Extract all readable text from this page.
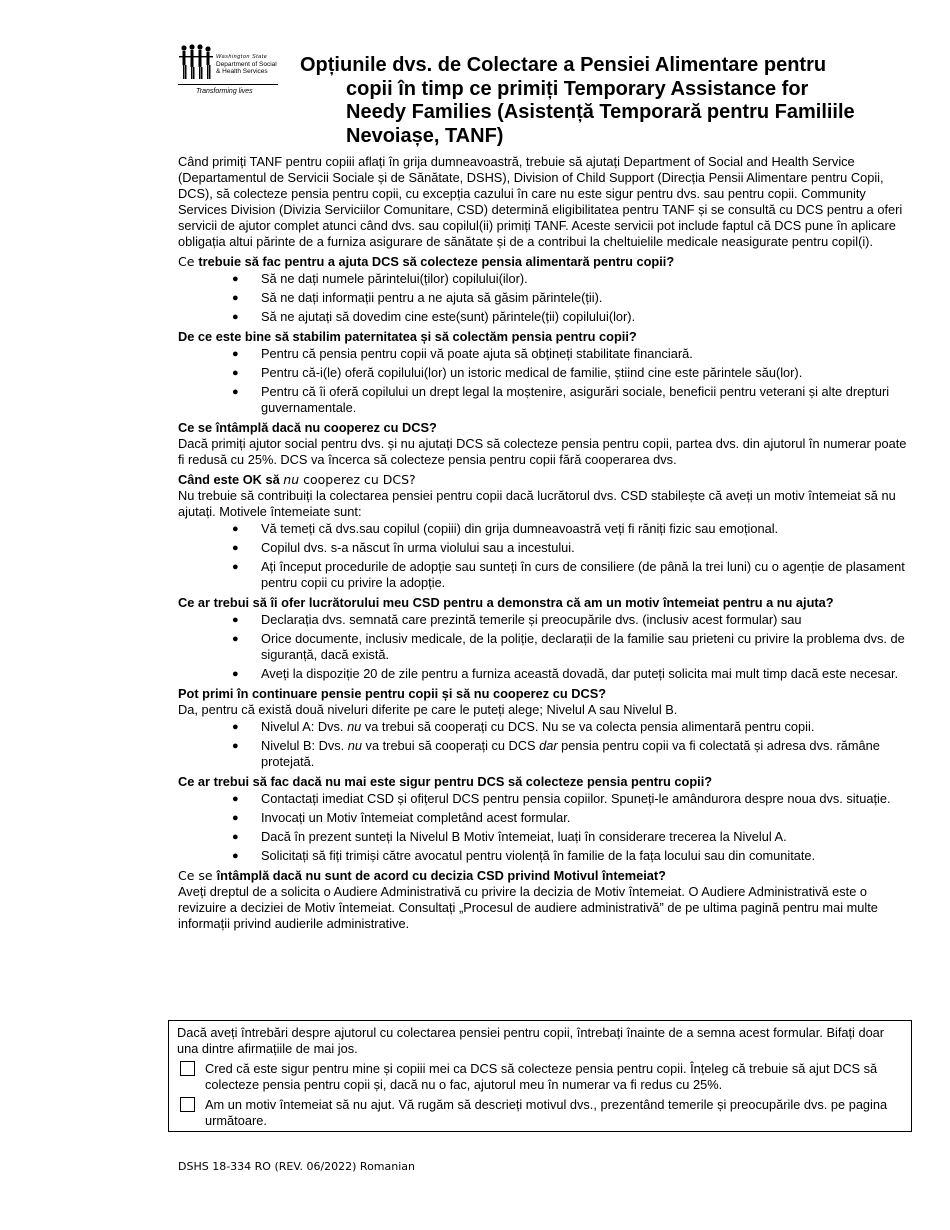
Washington State
Department of Social
& Health Services
Transforming lives
Opțiunile dvs. de Colectare a Pensiei Alimentare pentru
copii în timp ce primiți Temporary Assistance for
Needy Families (Asistență Temporară pentru Familiile
Nevoiașe, TANF)

Când primiți TANF pentru copiii aflați în grija dumneavoastră, trebuie să ajutați Department of Social and Health Service (Departamentul de Servicii Sociale și de Sănătate, DSHS), Division of Child Support (Direcția Pensii Alimentare pentru Copii, DCS), să colecteze pensia pentru copii, cu excepția cazului în care nu este sigur pentru dvs. sau pentru copii. Community Services Division (Divizia Serviciilor Comunitare, CSD) determină eligibilitatea pentru TANF și se consultă cu DCS pentru a oferi servicii de ajutor complet atunci când dvs. sau copilul(ii) primiți TANF. Aceste servicii pot include faptul că DCS pune în aplicare obligația altui părinte de a furniza asigurare de sănătate și de a contribui la cheltuielile medicale neasigurate pentru copil(i).

Ce trebuie să fac pentru a ajuta DCS să colecteze pensia alimentară pentru copii?

● Să ne dați numele părintelui(ților) copilului(ilor).
● Să ne dați informații pentru a ne ajuta să găsim părintele(ții).
● Să ne ajutați să dovedim cine este(sunt) părintele(ții) copilului(lor).

De ce este bine să stabilim paternitatea și să colectăm pensia pentru copii?

● Pentru că pensia pentru copii vă poate ajuta să obțineți stabilitate financiară.
● Pentru că-i(le) oferă copilului(lor) un istoric medical de familie, știind cine este părintele său(lor).
● Pentru că îi oferă copilului un drept legal la moștenire, asigurări sociale, beneficii pentru veterani și alte drepturi guvernamentale.

Ce se întâmplă dacă nu cooperez cu DCS?

Dacă primiți ajutor social pentru dvs. și nu ajutați DCS să colecteze pensia pentru copii, partea dvs. din ajutorul în numerar poate fi redusă cu 25%. DCS va încerca să colecteze pensia pentru copii fără cooperarea dvs.

Când este OK să nu cooperez cu DCS?

Nu trebuie să contribuiți la colectarea pensiei pentru copii dacă lucrătorul dvs. CSD stabilește că aveți un motiv întemeiat să nu ajutați. Motivele întemeiate sunt:

● Vă temeți că dvs.sau copilul (copiii) din grija dumneavoastră veți fi răniți fizic sau emoțional.
● Copilul dvs. s-a născut în urma violului sau a incestului.
● Ați început procedurile de adopție sau sunteți în curs de consiliere (de până la trei luni) cu o agenție de plasament pentru copii cu privire la adopție.

Ce ar trebui să îi ofer lucrătorului meu CSD pentru a demonstra că am un motiv întemeiat pentru a nu ajuta?

● Declarația dvs. semnată care prezintă temerile și preocupările dvs. (inclusiv acest formular) sau
● Orice documente, inclusiv medicale, de la poliție, declarații de la familie sau prieteni cu privire la problema dvs. de siguranță, dacă există.
● Aveți la dispoziție 20 de zile pentru a furniza această dovadă, dar puteți solicita mai mult timp dacă este necesar.

Pot primi în continuare pensie pentru copii și să nu cooperez cu DCS?

Da, pentru că există două niveluri diferite pe care le puteți alege; Nivelul A sau Nivelul B.

● Nivelul A: Dvs. nu va trebui să cooperați cu DCS. Nu se va colecta pensia alimentară pentru copii.
● Nivelul B: Dvs. nu va trebui să cooperați cu DCS dar pensia pentru copii va fi colectată și adresa dvs. rămâne protejată.

Ce ar trebui să fac dacă nu mai este sigur pentru DCS să colecteze pensia pentru copii?

● Contactați imediat CSD și ofițerul DCS pentru pensia copiilor. Spuneți-le amândurora despre noua dvs. situație.
● Invocați un Motiv întemeiat completând acest formular.
● Dacă în prezent sunteți la Nivelul B Motiv întemeiat, luați în considerare trecerea la Nivelul A.
● Solicitați să fiți trimiși către avocatul pentru violență în familie de la fața locului sau din comunitate.

Ce se întâmplă dacă nu sunt de acord cu decizia CSD privind Motivul întemeiat?

Aveți dreptul de a solicita o Audiere Administrativă cu privire la decizia de Motiv întemeiat. O Audiere Administrativă este o revizuire a deciziei de Motiv întemeiat. Consultați „Procesul de audiere administrativă” de pe ultima pagină pentru mai multe informații privind audierile administrative.

Dacă aveți întrebări despre ajutorul cu colectarea pensiei pentru copii, întrebați înainte de a semna acest formular. Bifați doar una dintre afirmațiile de mai jos.

Cred că este sigur pentru mine și copiii mei ca DCS să colecteze pensia pentru copii. Înțeleg că trebuie să ajut DCS să colecteze pensia pentru copii și, dacă nu o fac, ajutorul meu în numerar va fi redus cu 25%.
Am un motiv întemeiat să nu ajut. Vă rugăm să descrieți motivul dvs., prezentând temerile și preocupările dvs. pe pagina următoare.
DSHS 18-334 RO (REV. 06/2022) Romanian
